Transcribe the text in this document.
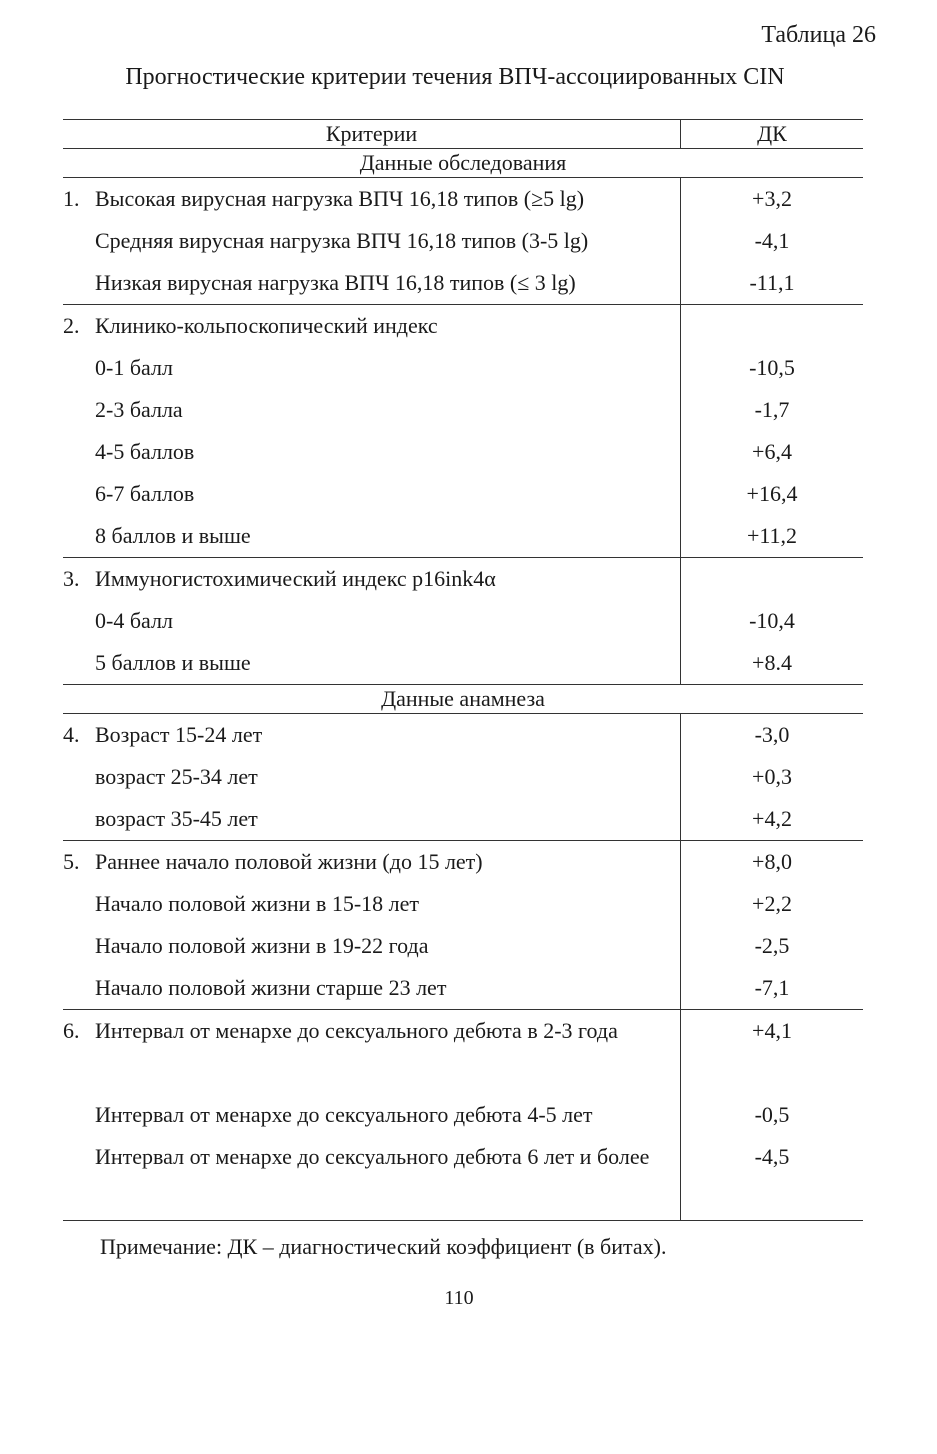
Таблица 26
Прогностические критерии течения ВПЧ-ассоциированных CIN
Критерии	ДК
Данные обследования
1. Высокая вирусная нагрузка ВПЧ 16,18 типов (≥5 lg)
Средняя вирусная нагрузка ВПЧ 16,18 типов (3-5 lg)
Низкая вирусная нагрузка ВПЧ 16,18 типов (≤ 3 lg)
+3,2
-4,1
-11,1
2. Клинико-кольпоскопический индекс
0-1 балл
2-3 балла
4-5 баллов
6-7 баллов
8 баллов и выше
-10,5
-1,7
+6,4
+16,4
+11,2
3. Иммуногистохимический индекс p16ink4α
0-4 балл
5 баллов и выше
-10,4
+8.4
Данные анамнеза
4. Возраст 15-24 лет
возраст 25-34 лет
возраст 35-45 лет
-3,0
+0,3
+4,2
5. Раннее начало половой жизни (до 15 лет)
Начало половой жизни в 15-18 лет
Начало половой жизни в 19-22 года
Начало половой жизни старше 23 лет
+8,0
+2,2
-2,5
-7,1
6. Интервал от менархе до сексуального дебюта в 2-3 года
Интервал от менархе до сексуального дебюта 4-5 лет
Интервал от менархе до сексуального дебюта 6 лет и более
+4,1
-0,5
-4,5
Примечание: ДК – диагностический коэффициент (в битах).
110
